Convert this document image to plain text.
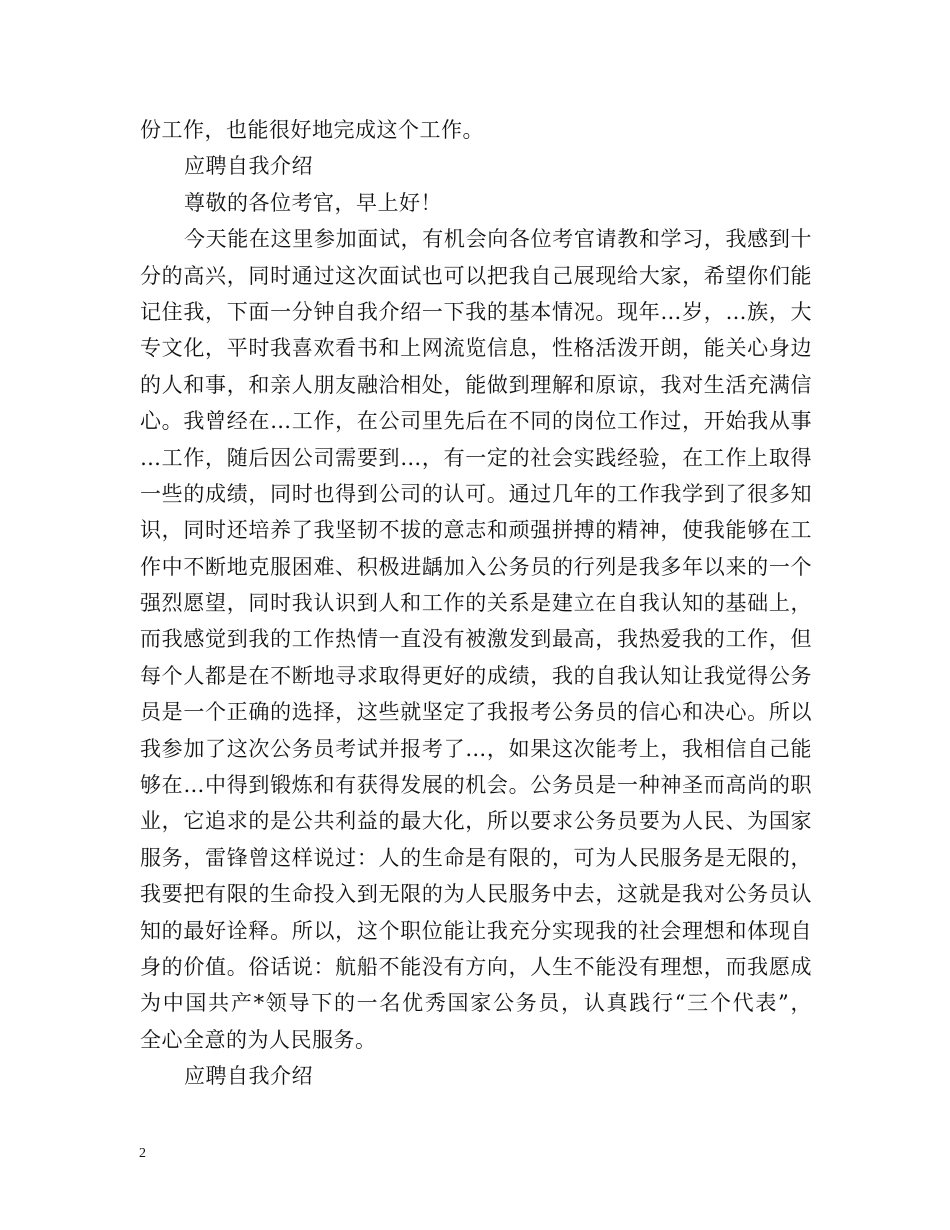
份工作，也能很好地完成这个工作。
应聘自我介绍
尊敬的各位考官，早上好！
今天能在这里参加面试，有机会向各位考官请教和学习，我感到十
分的高兴，同时通过这次面试也可以把我自己展现给大家，希望你们能
记住我，下面一分钟自我介绍一下我的基本情况。现年…岁，…族，大
专文化，平时我喜欢看书和上网流览信息，性格活泼开朗，能关心身边
的人和事，和亲人朋友融洽相处，能做到理解和原谅，我对生活充满信
心。我曾经在…工作，在公司里先后在不同的岗位工作过，开始我从事
…工作，随后因公司需要到…，有一定的社会实践经验，在工作上取得
一些的成绩，同时也得到公司的认可。通过几年的工作我学到了很多知
识，同时还培养了我坚韧不拔的意志和顽强拼搏的精神，使我能够在工
作中不断地克服困难、积极进龋加入公务员的行列是我多年以来的一个
强烈愿望，同时我认识到人和工作的关系是建立在自我认知的基础上，
而我感觉到我的工作热情一直没有被激发到最高，我热爱我的工作，但
每个人都是在不断地寻求取得更好的成绩，我的自我认知让我觉得公务
员是一个正确的选择，这些就坚定了我报考公务员的信心和决心。所以
我参加了这次公务员考试并报考了…，如果这次能考上，我相信自己能
够在…中得到锻炼和有获得发展的机会。公务员是一种神圣而高尚的职
业，它追求的是公共利益的最大化，所以要求公务员要为人民、为国家
服务，雷锋曾这样说过：人的生命是有限的，可为人民服务是无限的，
我要把有限的生命投入到无限的为人民服务中去，这就是我对公务员认
知的最好诠释。所以，这个职位能让我充分实现我的社会理想和体现自
身的价值。俗话说：航船不能没有方向，人生不能没有理想，而我愿成
为中国共产*领导下的一名优秀国家公务员，认真践行“三个代表”，
全心全意的为人民服务。
应聘自我介绍
2
